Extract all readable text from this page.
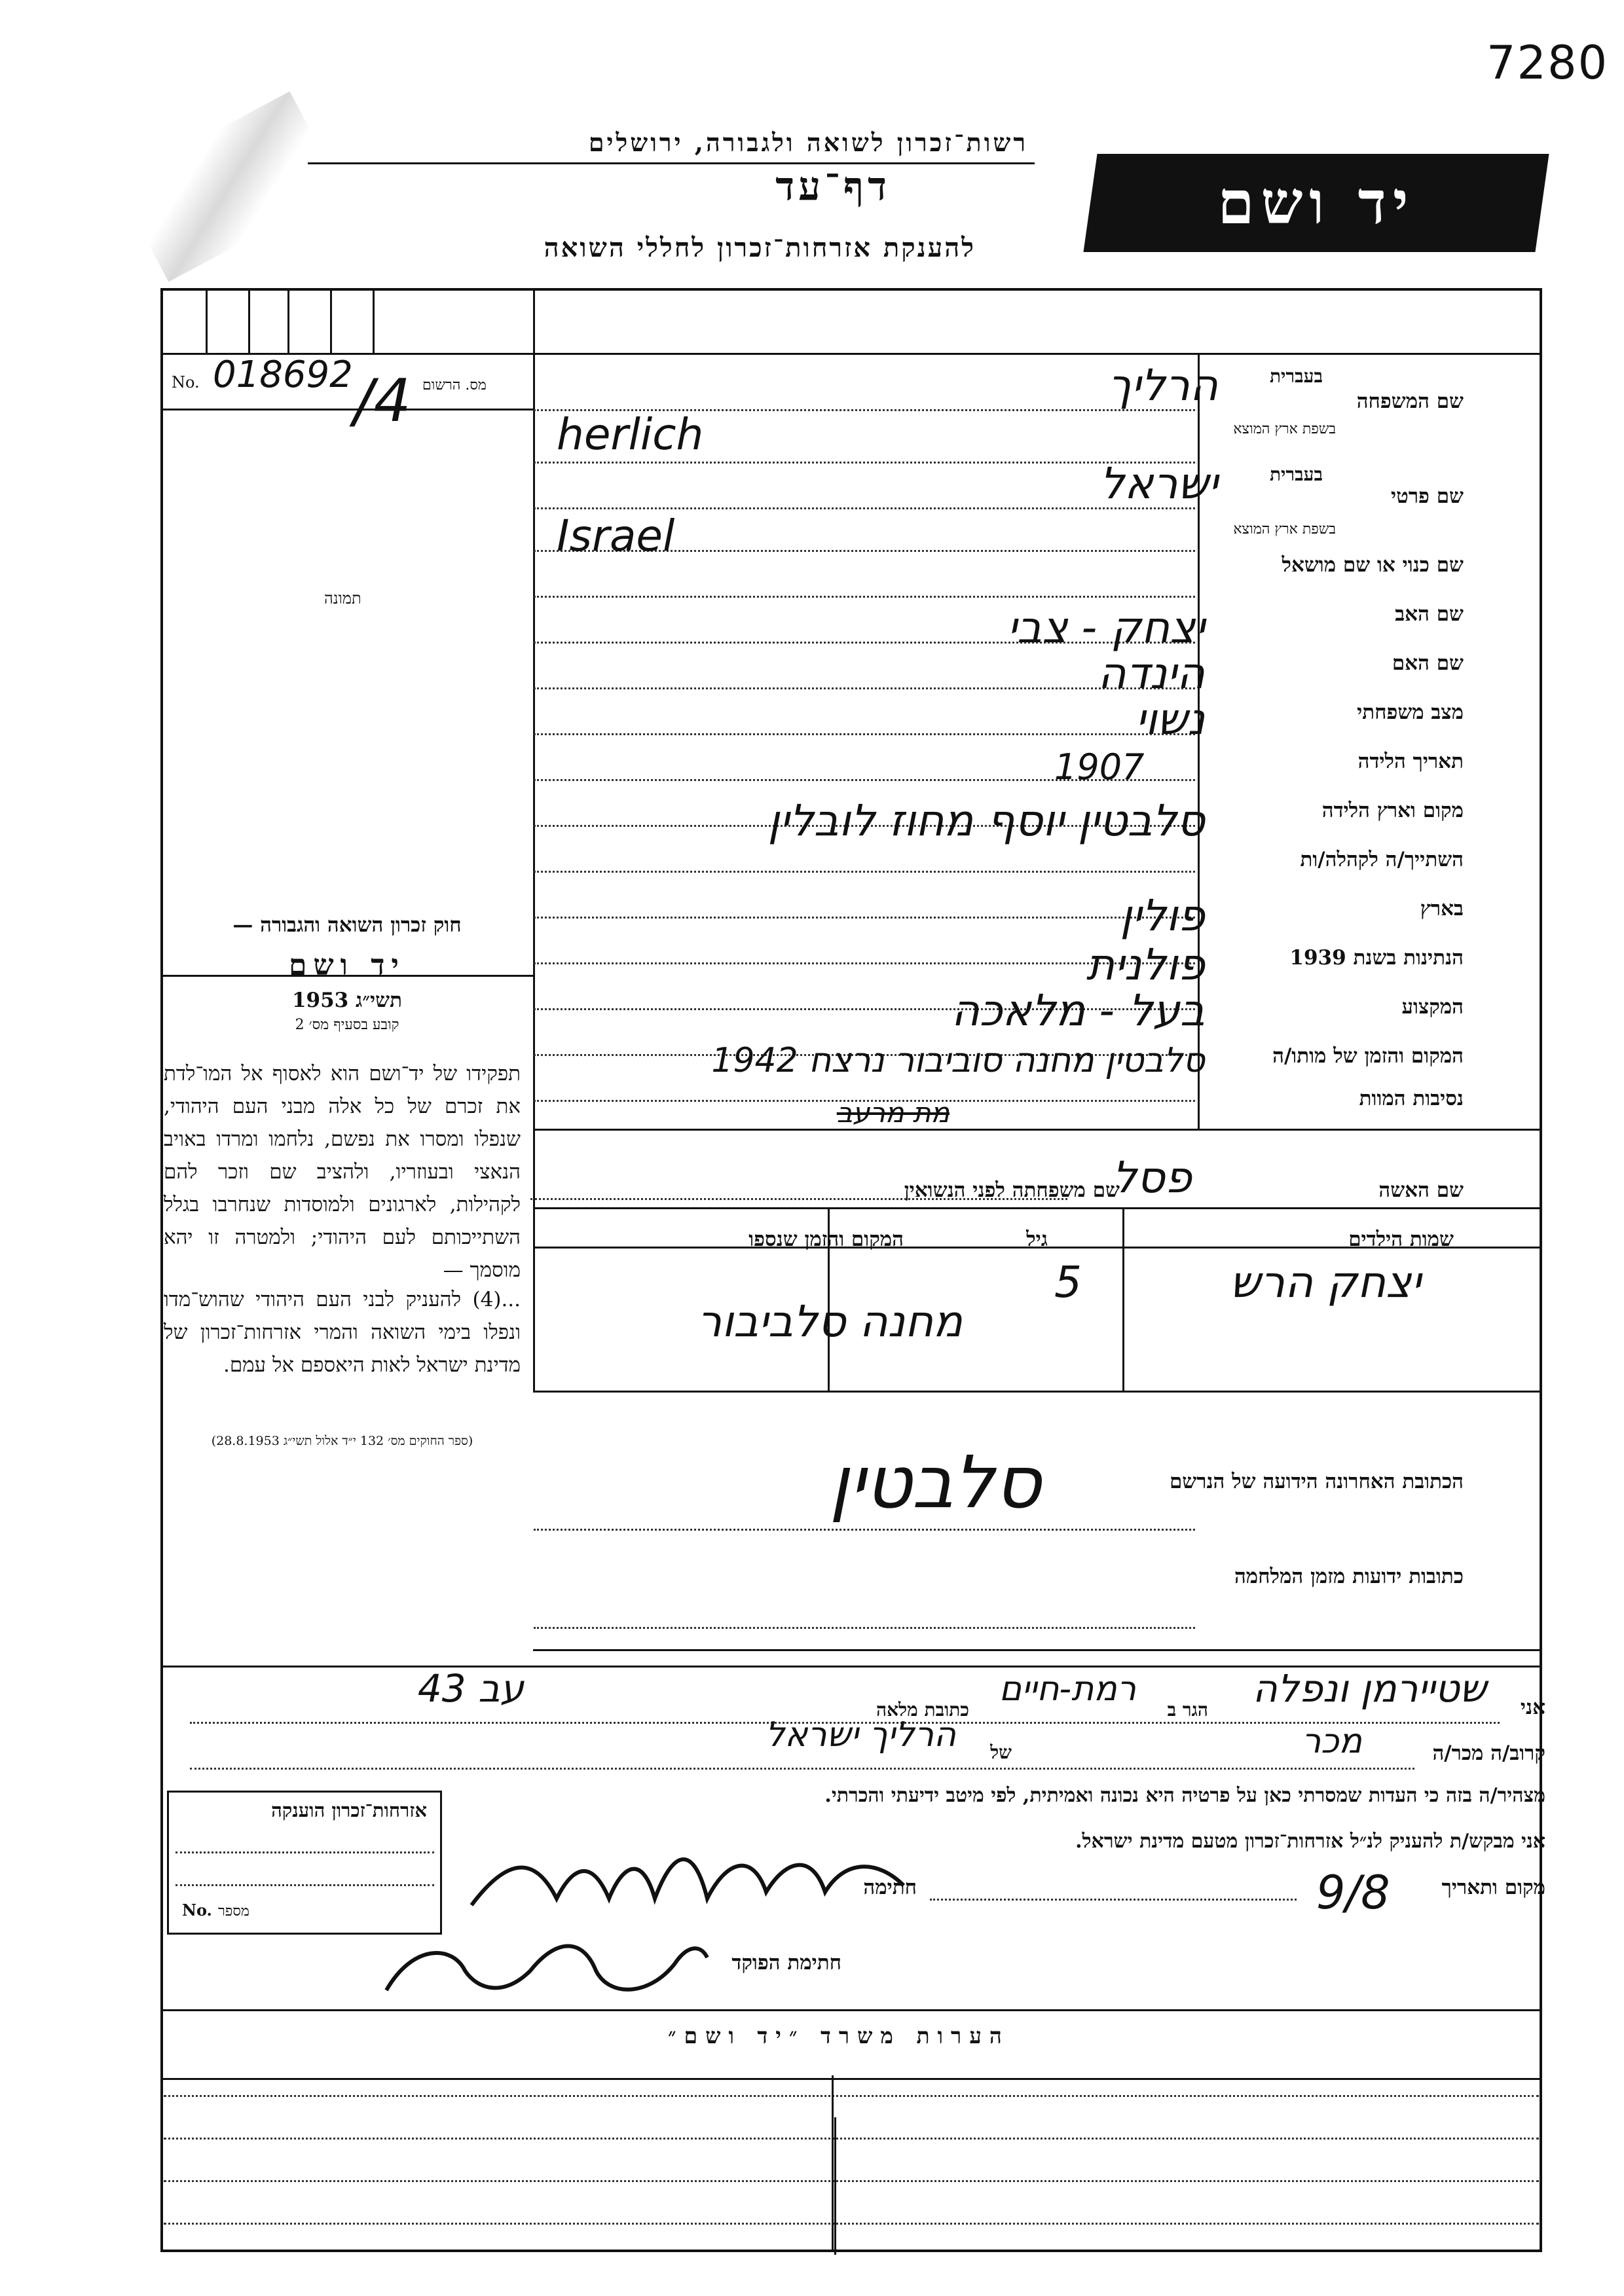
7280
רשות־זכרון לשואה ולגבורה, ירושלים
דף־עד
להענקת אזרחות־זכרון לחללי השואה
יד ושם
No.	מס. הרשום
018692 /4
תמונה
שם המשפחה
בעברית
בשפת ארץ המוצא
שם פרטי
בעברית
בשפת ארץ המוצא
שם כנוי או שם מושאל
שם האב
שם האם
מצב משפחתי
תאריך הלידה
מקום וארץ הלידה
השתייך/ה לקהלה/ות
בארץ
הנתינות בשנת 1939
המקצוע
המקום והזמן של מותו/ה
נסיבות המוות
הרליך
herlich
ישראל
Israel
יצחק - צבי
הינדה
נשוי
1907
סלבטין יוסף מחוז לובלין
פולין
פולנית
בעל - מלאכה
סלבטין מחנה סוביבור נרצח 1942
מת מרעב
שם האשה
פסל
שם משפחתה לפני הנשואין
שמות הילדים
גיל
המקום והזמן שנספו
יצחק הרש
5
מחנה סלביבור
הכתובת האחרונה הידועה של הנרשם
סלבטין
כתובות ידועות מזמן המלחמה
אני
שטיירמן ונפלה
הגר ב
רמת-חיים
כתובת מלאה
עב 43
קרוב/ה מכר/ה
מכר
של
הרליך ישראל
מצהיר/ה בזה כי העדות שמסרתי כאן על פרטיה היא נכונה ואמיתית, לפי מיטב ידיעתי והכרתי.
אני מבקש/ת להעניק לנ״ל אזרחות־זכרון מטעם מדינת ישראל.
מקום ותאריך
9/8
חתימה
חתימת הפוקד
אזרחות־זכרון הוענקה
No. מספר
חוק זכרון השואה והגבורה —
יד ושם
תשי״ג 1953
קובע בסעיף מס׳ 2
תפקידו של יד־ושם הוא לאסוף אל המו־לדת את זכרם של כל אלה מבני העם היהודי, שנפלו ומסרו את נפשם, נלחמו ומרדו באויב הנאצי ובעוזריו, ולהציב שם וזכר להם לקהילות, לארגונים ולמוסדות שנחרבו בגלל השתייכותם לעם היהודי; ולמטרה זו יהא מוסמך —
...(4) להעניק לבני העם היהודי שהוש־מדו ונפלו בימי השואה והמרי אזרחות־זכרון של מדינת ישראל לאות היאספם אל עמם.
(ספר החוקים מס׳ 132 י״ד אלול תשי״ג 28.8.1953)
הערות משרד ״יד ושם״
